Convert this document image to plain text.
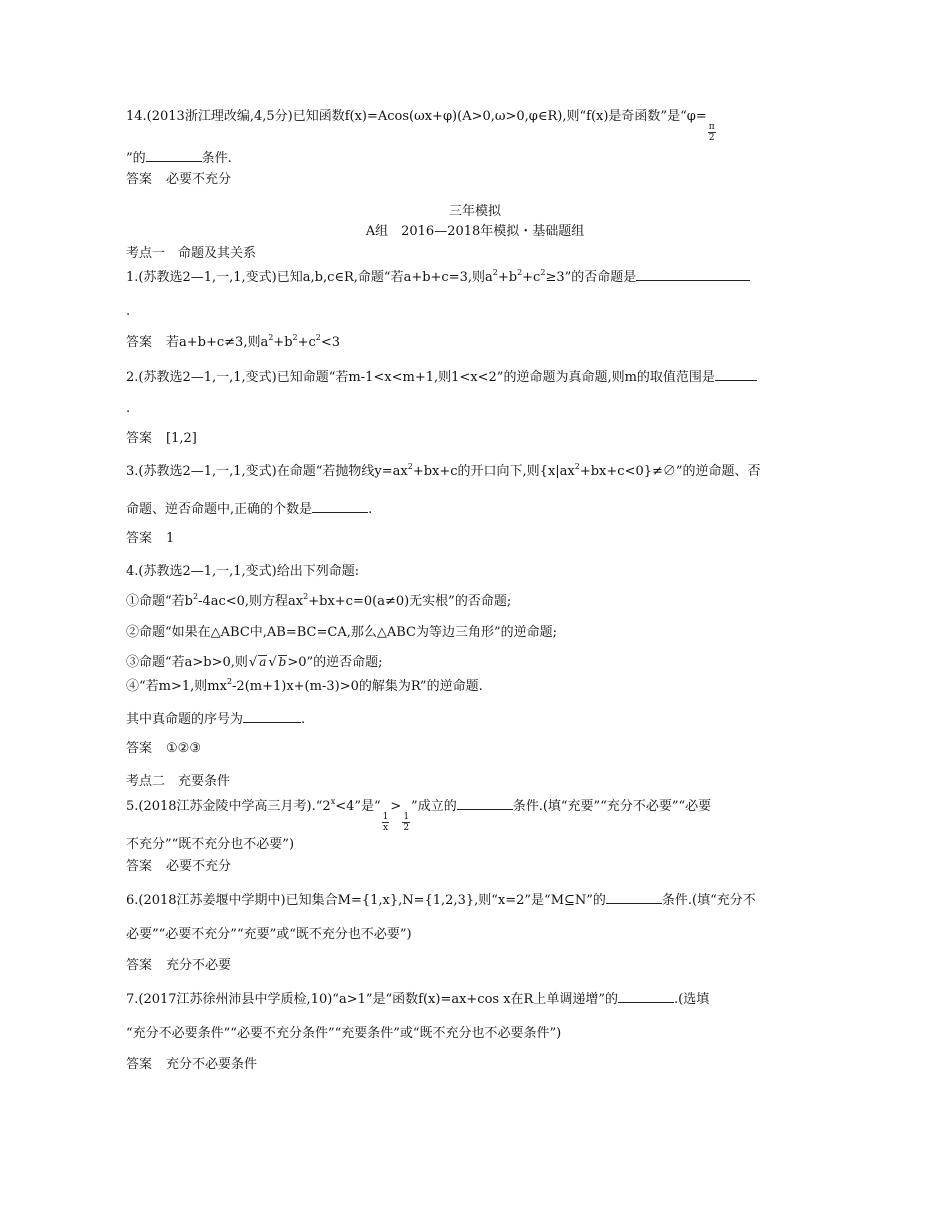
14.(2013浙江理改编,4,5分)已知函数f(x)=Acos(ωx+φ)(A>0,ω>0,φ∈R),则“f(x)是奇函数”是“φ=
$\frac{\pi}{2}$
”的	条件.
答案 必要不充分
三年模拟
A组　2016—2018年模拟・基础题组
考点一　命题及其关系
1.(苏教选2—1,一,1,变式)已知a,b,c∈R,命题“若a+b+c=3,则$a^2+b^2+c^2\ge 3$”的否命题是
.
答案 若a+b+c≠3,则$a^2+b^2+c^2<3$
2.(苏教选2—1,一,1,变式)已知命题“若m-1<x<m+1,则1<x<2”的逆命题为真命题,则m的取值范围是
.
答案 [1,2]
3.(苏教选2—1,一,1,变式)在命题“若抛物线$y=ax^2+bx+c$的开口向下,则$\{x|ax^2+bx+c<0\}\ne\emptyset$”的逆命题、否
命题、逆否命题中,正确的个数是	.
答案 1
4.(苏教选2—1,一,1,变式)给出下列命题:
①命题“若$b^2-4ac<0$,则方程$ax^2+bx+c=0(a\ne 0)$无实根”的否命题;
②命题“如果在△ABC中,AB=BC=CA,那么△ABC为等边三角形”的逆命题;
③命题“若a>b>0,则√ a √ b>0”的逆否命题;
④“若m>1,则$mx^2-2(m+1)x+(m-3)>0$的解集为R”的逆命题.
其中真命题的序号为	.
答案 ①②③
考点二　充要条件
5.(2018江苏金陵中学高三月考)$.“2^x<4$”是“
$\frac{1}{x}$
>
$\frac{1}{2}$
”成立的	条件.(填“充要”“充分不必要”“必要
不充分”“既不充分也不必要”)
答案 必要不充分
6.(2018江苏姜堰中学期中)已知集合M={1,x},N={1,2,3},则“x=2”是“M⊆N”的	条件.(填“充分不
必要”“必要不充分”“充要”或“既不充分也不必要”)
答案 充分不必要
7.(2017江苏徐州沛县中学质检,10)“a>1”是“函数f(x)=ax+cos x在R上单调递增”的	.(选填
“充分不必要条件”“必要不充分条件”“充要条件”或“既不充分也不必要条件”)
答案 充分不必要条件
